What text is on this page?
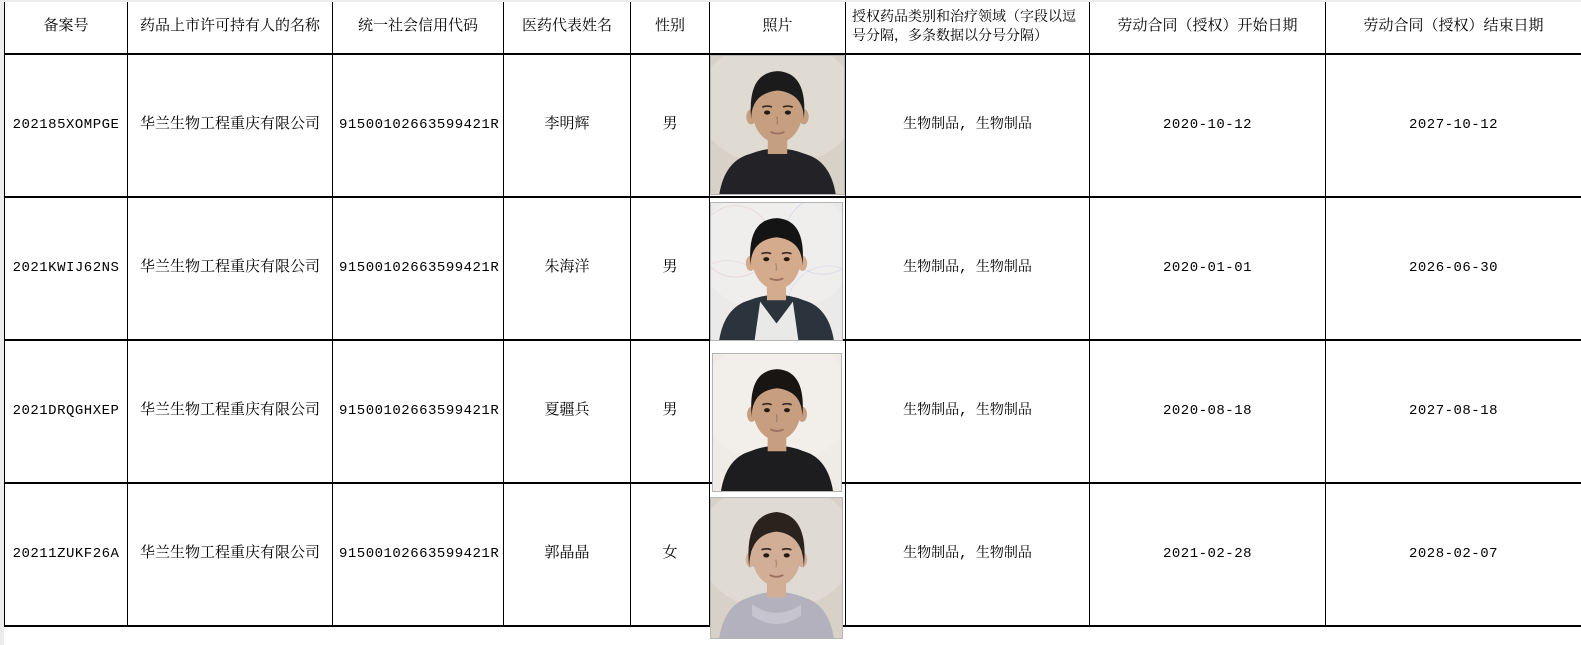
备案号	药品上市许可持有人的名称	统一社会信用代码	医药代表姓名	性别	照片	授权药品类别和治疗领域（字段以逗号分隔，多条数据以分号分隔）	劳动合同（授权）开始日期	劳动合同（授权）结束日期
202185XOMPGE	华兰生物工程重庆有限公司	91500102663599421R	李明辉	男		生物制品, 生物制品	2020-10-12	2027-10-12
2021KWIJ62NS	华兰生物工程重庆有限公司	91500102663599421R	朱海洋	男		生物制品, 生物制品	2020-01-01	2026-06-30
2021DRQGHXEP	华兰生物工程重庆有限公司	91500102663599421R	夏疆兵	男		生物制品, 生物制品	2020-08-18	2027-08-18
20211ZUKF26A	华兰生物工程重庆有限公司	91500102663599421R	郭晶晶	女		生物制品, 生物制品	2021-02-28	2028-02-07
